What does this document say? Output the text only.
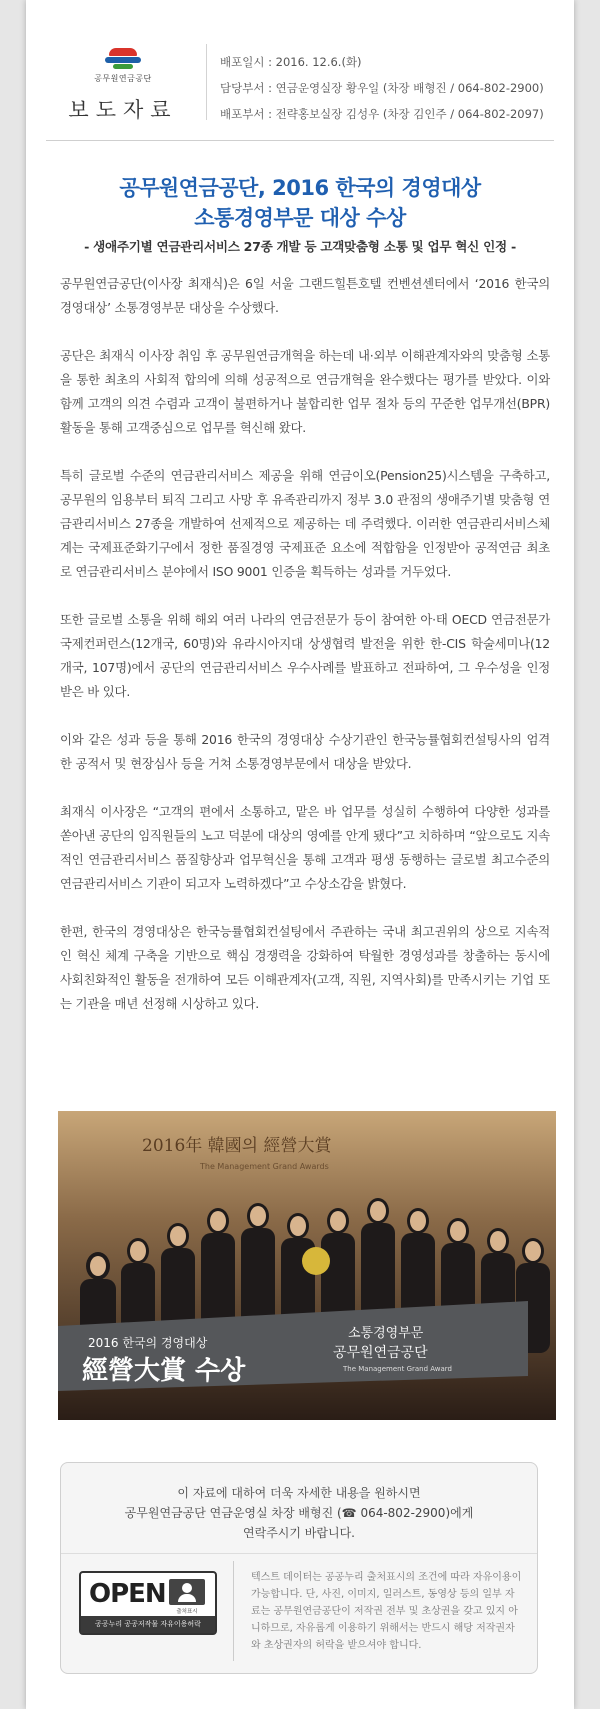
공무원연금공단
보도자료
배포일시 : 2016. 12.6.(화)
담당부서 : 연금운영실장 황우일 (차장 배형진 / 064-802-2900)
배포부서 : 전략홍보실장 김성우 (차장 김인주 / 064-802-2097)
공무원연금공단, 2016 한국의 경영대상
소통경영부문 대상 수상
- 생애주기별 연금관리서비스 27종 개발 등 고객맞춤형 소통 및 업무 혁신 인정 -

공무원연금공단(이사장 최재식)은 6일 서울 그랜드힐튼호텔 컨벤션센터에서 ‘2016 한국의 경영대상’ 소통경영부문 대상을 수상했다.

공단은 최재식 이사장 취임 후 공무원연금개혁을 하는데 내·외부 이해관계자와의 맞춤형 소통을 통한 최초의 사회적 합의에 의해 성공적으로 연금개혁을 완수했다는 평가를 받았다. 이와 함께 고객의 의견 수렴과 고객이 불편하거나 불합리한 업무 절차 등의 꾸준한 업무개선(BPR)활동을 통해 고객중심으로 업무를 혁신해 왔다.

특히 글로벌 수준의 연금관리서비스 제공을 위해 연금이오(Pension25)시스템을 구축하고, 공무원의 임용부터 퇴직 그리고 사망 후 유족관리까지 정부 3.0 관점의 생애주기별 맞춤형 연금관리서비스 27종을 개발하여 선제적으로 제공하는 데 주력했다. 이러한 연금관리서비스체계는 국제표준화기구에서 정한 품질경영 국제표준 요소에 적합함을 인정받아 공적연금 최초로 연금관리서비스 분야에서 ISO 9001 인증을 획득하는 성과를 거두었다.

또한 글로벌 소통을 위해 해외 여러 나라의 연금전문가 등이 참여한 아·태 OECD 연금전문가 국제컨퍼런스(12개국, 60명)와 유라시아지대 상생협력 발전을 위한 한-CIS 학술세미나(12개국, 107명)에서 공단의 연금관리서비스 우수사례를 발표하고 전파하여, 그 우수성을 인정받은 바 있다.

이와 같은 성과 등을 통해 2016 한국의 경영대상 수상기관인 한국능률협회컨설팅사의 엄격한 공적서 및 현장심사 등을 거쳐 소통경영부문에서 대상을 받았다.

최재식 이사장은 “고객의 편에서 소통하고, 맡은 바 업무를 성실히 수행하여 다양한 성과를 쏟아낸 공단의 임직원들의 노고 덕분에 대상의 영예를 안게 됐다”고 치하하며 “앞으로도 지속적인 연금관리서비스 품질향상과 업무혁신을 통해 고객과 평생 동행하는 글로벌 최고수준의 연금관리서비스 기관이 되고자 노력하겠다”고 수상소감을 밝혔다.

한편, 한국의 경영대상은 한국능률협회컨설팅에서 주관하는 국내 최고권위의 상으로 지속적인 혁신 체계 구축을 기반으로 핵심 경쟁력을 강화하여 탁월한 경영성과를 창출하는 동시에 사회친화적인 활동을 전개하여 모든 이해관계자(고객, 직원, 지역사회)를 만족시키는 기업 또는 기관을 매년 선정해 시상하고 있다.

2016年 韓國의 經營大賞
The Management Grand Awards
2016 한국의 경영대상
經營大賞 수상
소통경영부문
공무원연금공단
The Management Grand Award
이 자료에 대하여 더욱 자세한 내용을 원하시면
공무원연금공단 연금운영실 차장 배형진 (☎ 064-802-2900)에게
연락주시기 바랍니다.
OPEN
출처표시
공공누리 공공저작물 자유이용허락
텍스트 데이터는 공공누리 출처표시의 조건에 따라 자유이용이 가능합니다. 단, 사진, 이미지, 일러스트, 동영상 등의 일부 자료는 공무원연금공단이 저작권 전부 및 초상권을 갖고 있지 아니하므로, 자유롭게 이용하기 위해서는 반드시 해당 저작권자와 초상권자의 허락을 받으셔야 합니다.
